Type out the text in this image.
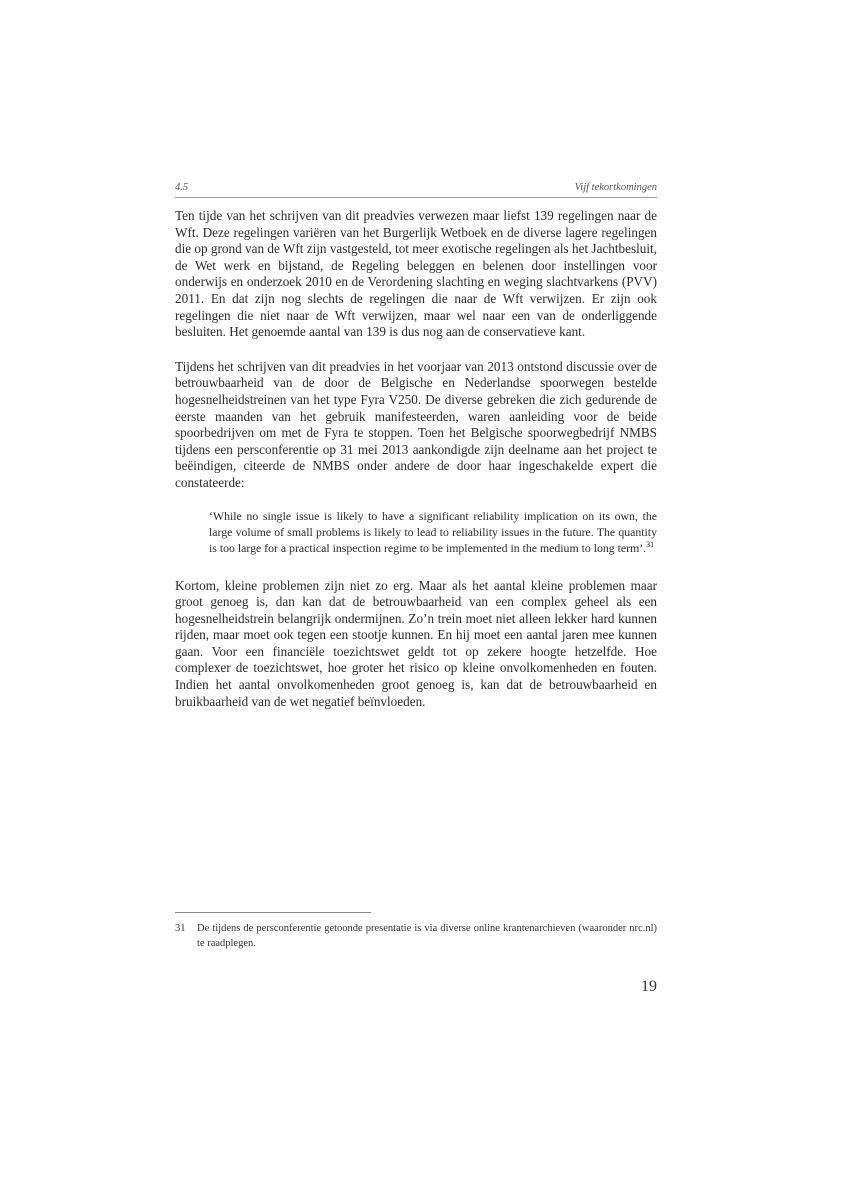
4.5	Vijf tekortkomingen

Ten tijde van het schrijven van dit preadvies verwezen maar liefst 139 regelingen naar de Wft. Deze regelingen variëren van het Burgerlijk Wetboek en de diverse lagere regelingen die op grond van de Wft zijn vastgesteld, tot meer exotische regelingen als het Jachtbesluit, de Wet werk en bijstand, de Regeling beleggen en belenen door instellingen voor onderwijs en onderzoek 2010 en de Verordening slachting en weging slachtvarkens (PVV) 2011. En dat zijn nog slechts de regelingen die naar de Wft verwijzen. Er zijn ook regelingen die niet naar de Wft verwijzen, maar wel naar een van de onderliggende besluiten. Het genoemde aantal van 139 is dus nog aan de conservatieve kant.

Tijdens het schrijven van dit preadvies in het voorjaar van 2013 ontstond discussie over de betrouwbaarheid van de door de Belgische en Nederlandse spoorwegen bestelde hogesnelheidstreinen van het type Fyra V250. De diverse gebreken die zich gedurende de eerste maanden van het gebruik manifesteerden, waren aanleiding voor de beide spoorbedrijven om met de Fyra te stoppen. Toen het Belgische spoorwegbedrijf NMBS tijdens een persconferentie op 31 mei 2013 aankondigde zijn deelname aan het project te beëindigen, citeerde de NMBS onder andere de door haar ingeschakelde expert die constateerde:

‘While no single issue is likely to have a significant reliability implication on its own, the large volume of small problems is likely to lead to reliability issues in the future. The quantity is too large for a practical inspection regime to be implemented in the medium to long term’.$^{31}$

Kortom, kleine problemen zijn niet zo erg. Maar als het aantal kleine problemen maar groot genoeg is, dan kan dat de betrouwbaarheid van een complex geheel als een hogesnelheidstrein belangrijk ondermijnen. Zo’n trein moet niet alleen lekker hard kunnen rijden, maar moet ook tegen een stootje kunnen. En hij moet een aantal jaren mee kunnen gaan. Voor een financiële toezichtswet geldt tot op zekere hoogte hetzelfde. Hoe complexer de toezichtswet, hoe groter het risico op kleine onvolkomenheden en fouten. Indien het aantal onvolkomenheden groot genoeg is, kan dat de betrouwbaarheid en bruikbaarheid van de wet negatief beïnvloeden.

31	De tijdens de persconferentie getoonde presentatie is via diverse online krantenarchieven (waaronder nrc.nl) te raadplegen.
19
